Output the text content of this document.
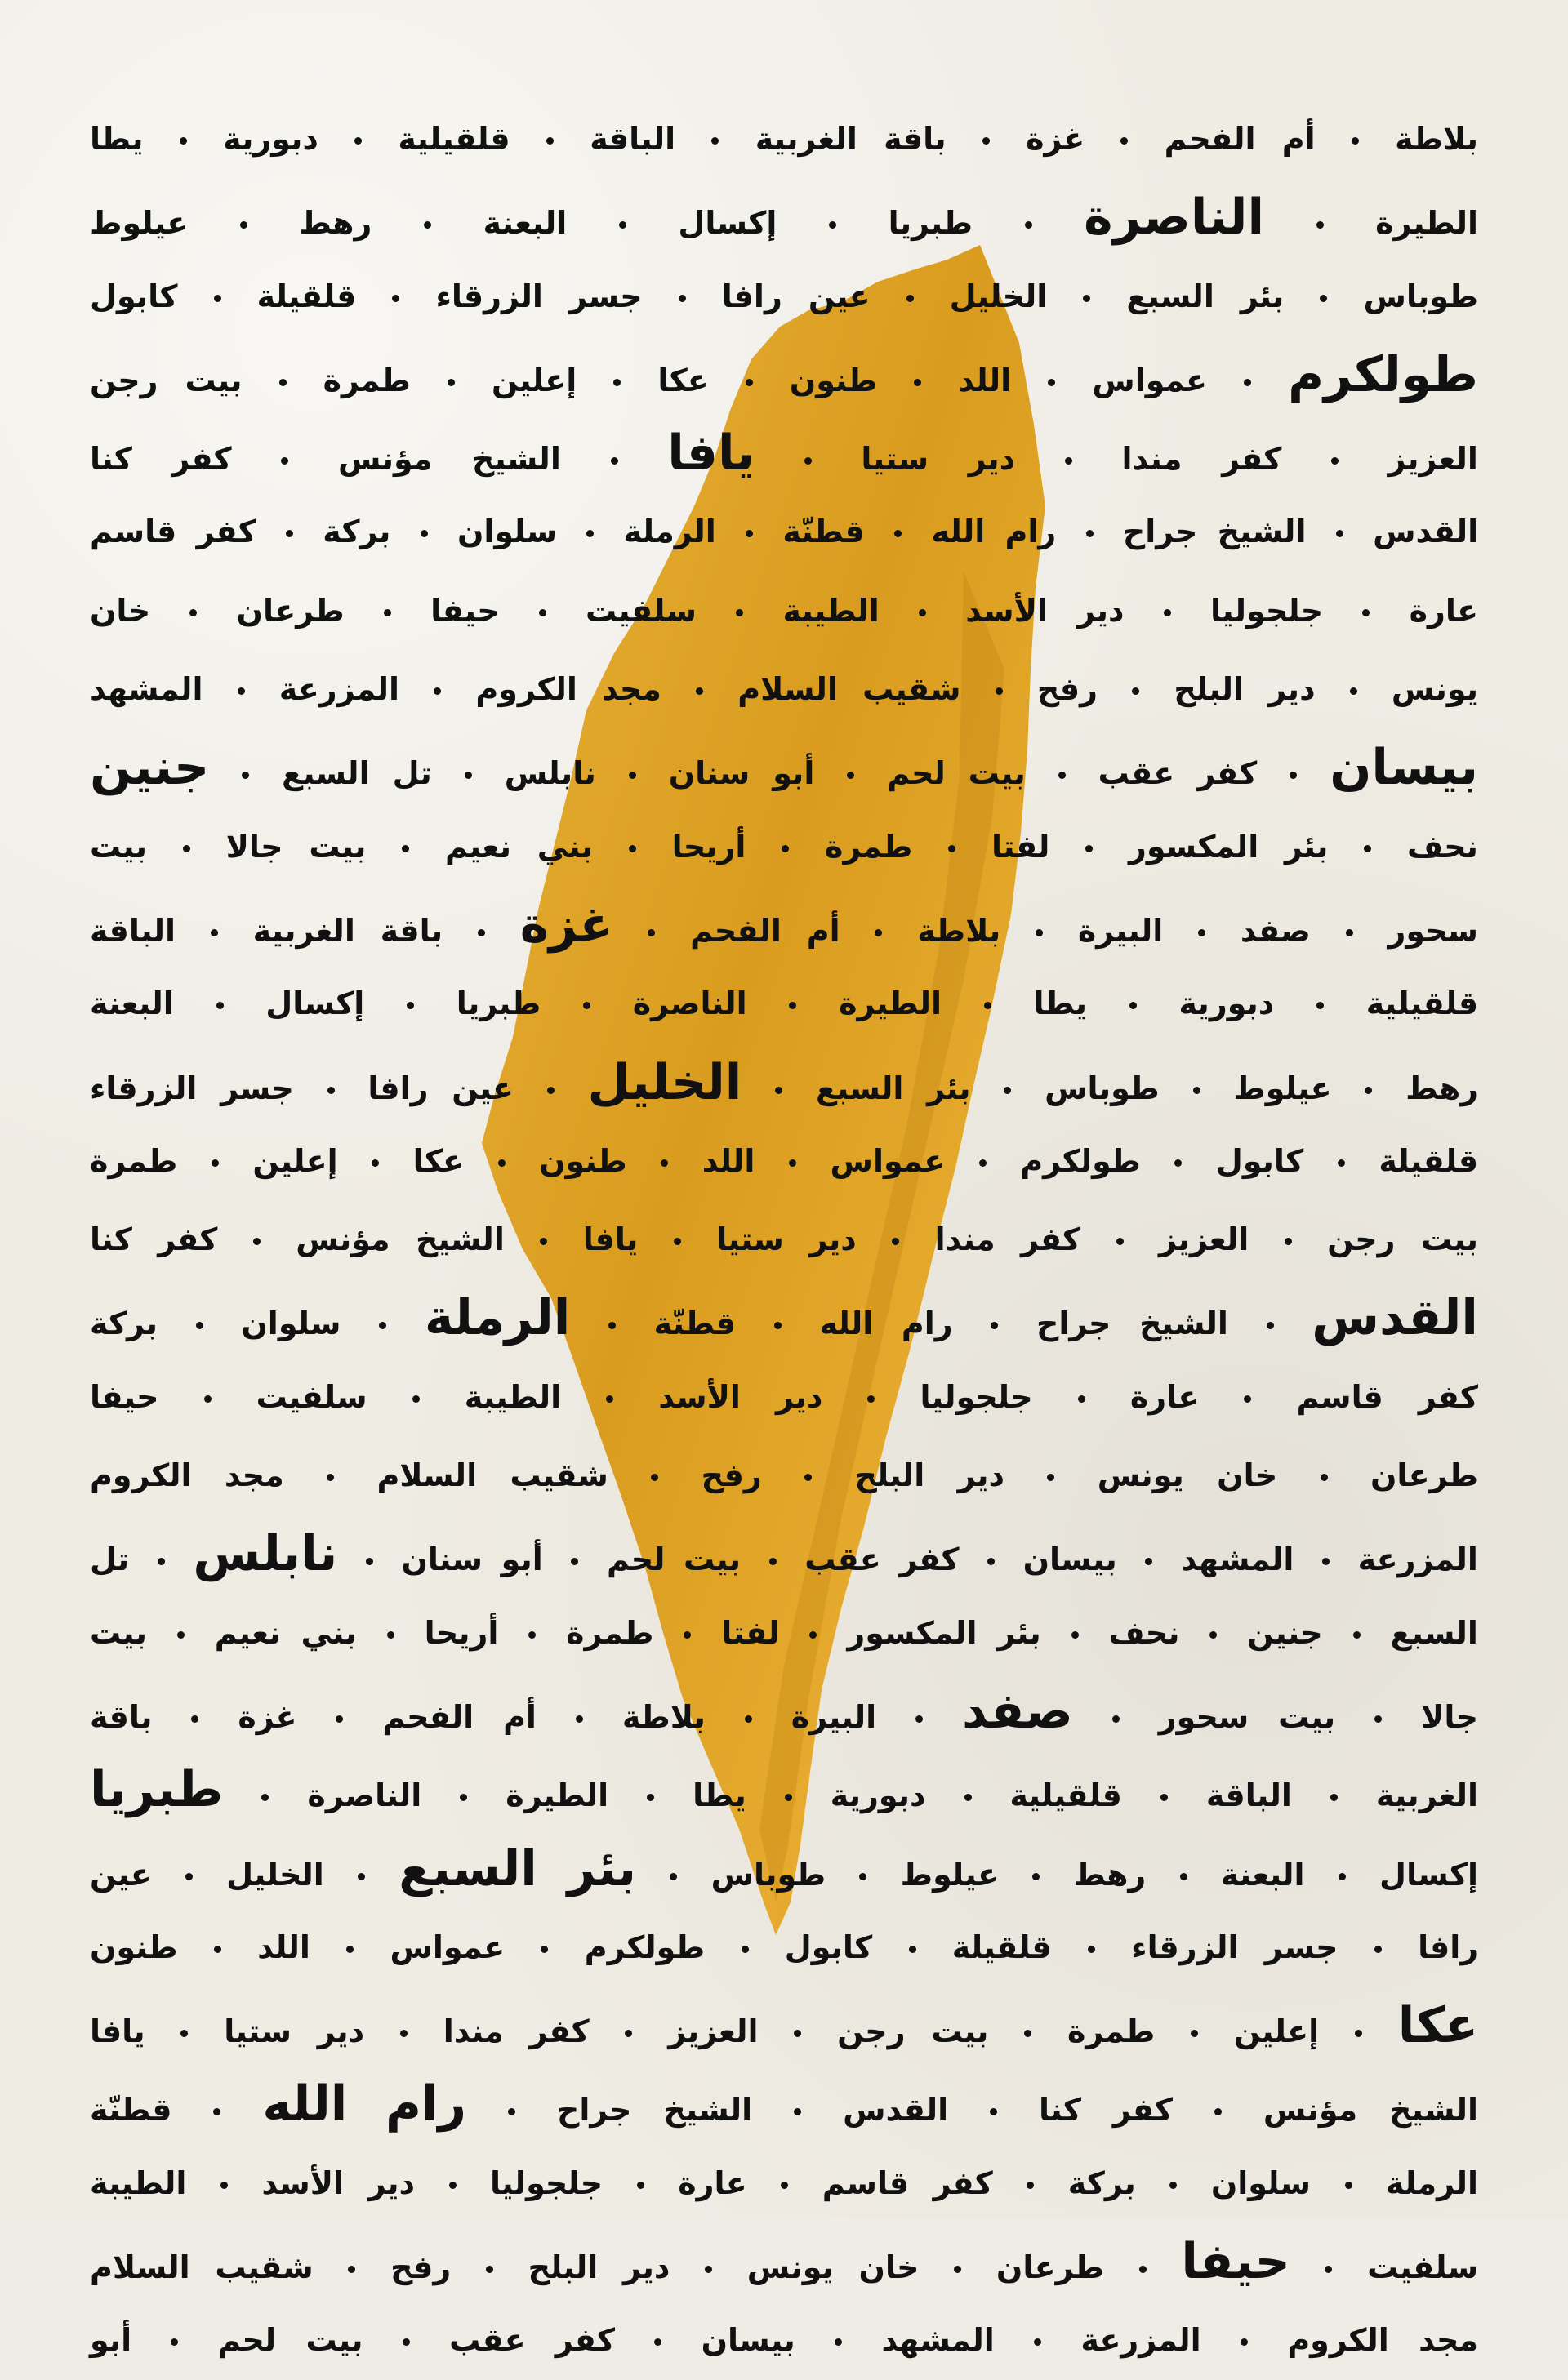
بلاطة  أم الفحم  غزة  باقة الغربية  الباقة  قلقيلية  دبورية  يطا
الطيرة  الناصرة  طبريا  إكسال  البعنة  رهط  عيلوط
طوباس  بئر السبع  الخليل  عين رافا  جسر الزرقاء  قلقيلة  كابول
طولكرم  عمواس  اللد  طنون  عكا  إعلين  طمرة  بيت رجن
العزيز  كفر مندا  دير ستيا  يافا  الشيخ مؤنس  كفر كنا
القدس  الشيخ جراح  رام الله  قطنّة  الرملة  سلوان  بركة  كفر قاسم
عارة  جلجوليا  دير الأسد  الطيبة  سلفيت  حيفا  طرعان  خان
يونس  دير البلح  رفح  شقيب السلام  مجد الكروم  المزرعة  المشهد
بيسان  كفر عقب  بيت لحم  أبو سنان  نابلس  تل السبع  جنين
نحف  بئر المكسور  لفتا  طمرة  أريحا  بني نعيم  بيت جالا  بيت
سحور  صفد  البيرة  بلاطة  أم الفحم  غزة  باقة الغربية  الباقة
قلقيلية  دبورية  يطا  الطيرة  الناصرة  طبريا  إكسال  البعنة
رهط  عيلوط  طوباس  بئر السبع  الخليل  عين رافا  جسر الزرقاء
قلقيلة  كابول  طولكرم  عمواس  اللد  طنون  عكا  إعلين  طمرة
بيت رجن  العزيز  كفر مندا  دير ستيا  يافا  الشيخ مؤنس  كفر كنا
القدس  الشيخ جراح  رام الله  قطنّة  الرملة  سلوان  بركة
كفر قاسم  عارة  جلجوليا  دير الأسد  الطيبة  سلفيت  حيفا
طرعان  خان يونس  دير البلح  رفح  شقيب السلام  مجد الكروم
المزرعة  المشهد  بيسان  كفر عقب  بيت لحم  أبو سنان  نابلس  تل
السبع  جنين  نحف  بئر المكسور  لفتا  طمرة  أريحا  بني نعيم  بيت
جالا  بيت سحور  صفد  البيرة  بلاطة  أم الفحم  غزة  باقة
الغربية  الباقة  قلقيلية  دبورية  يطا  الطيرة  الناصرة  طبريا
إكسال  البعنة  رهط  عيلوط  طوباس  بئر السبع  الخليل  عين
رافا  جسر الزرقاء  قلقيلة  كابول  طولكرم  عمواس  اللد  طنون
عكا  إعلين  طمرة  بيت رجن  العزيز  كفر مندا  دير ستيا  يافا
الشيخ مؤنس  كفر كنا  القدس  الشيخ جراح  رام الله  قطنّة
الرملة  سلوان  بركة  كفر قاسم  عارة  جلجوليا  دير الأسد  الطيبة
سلفيت  حيفا  طرعان  خان يونس  دير البلح  رفح  شقيب السلام
مجد الكروم  المزرعة  المشهد  بيسان  كفر عقب  بيت لحم  أبو
